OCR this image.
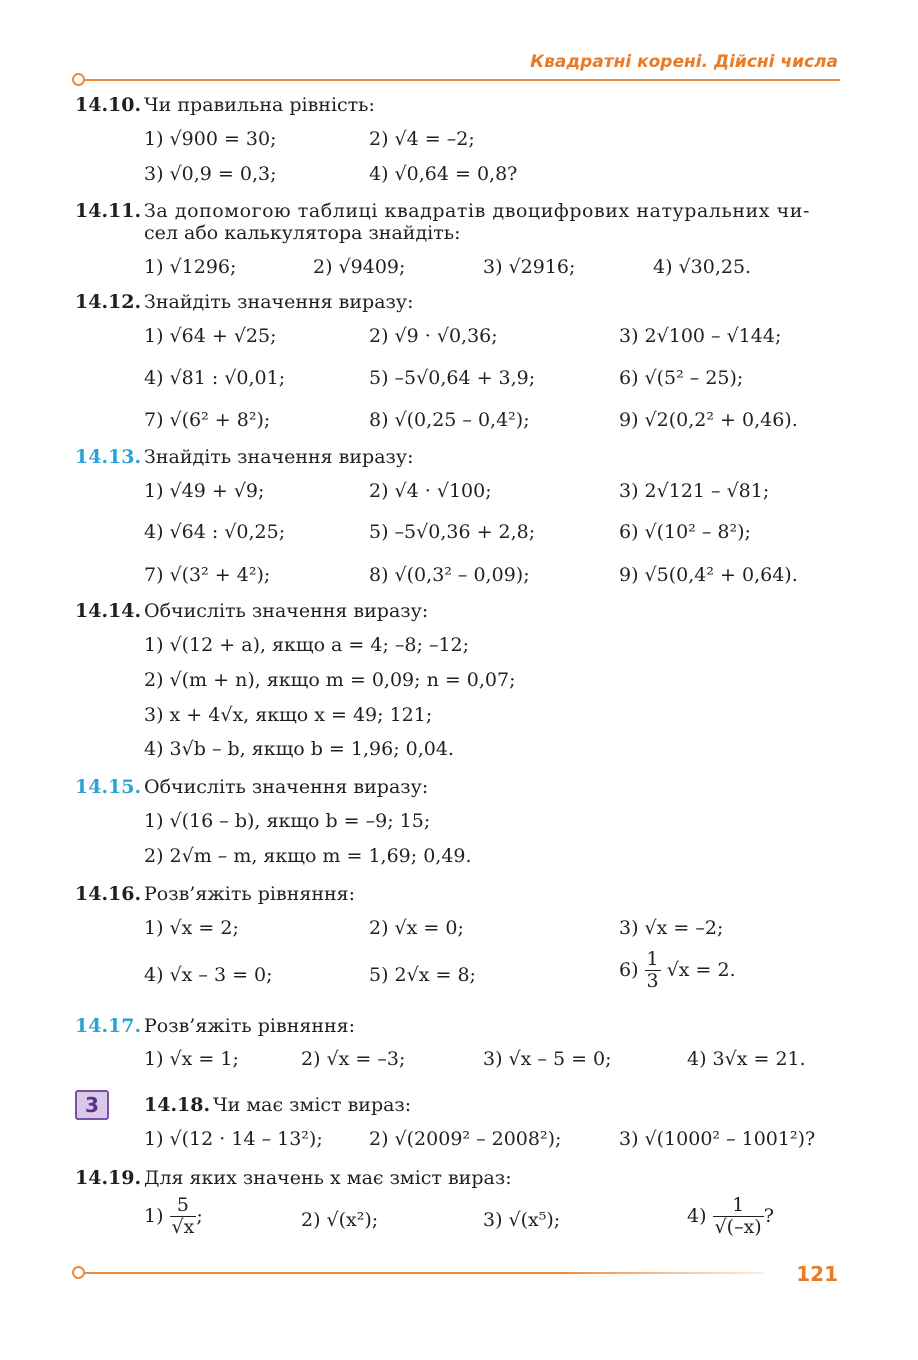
Квадратні корені. Дійсні числа
14.10. Чи правильна рівність:
1) √900 = 30;	2) √4 = –2;
3) √0,9 = 0,3;	4) √0,64 = 0,8?
14.11. За допомогою таблиці квадратів двоцифрових натуральних чи-
сел або калькулятора знайдіть:
1) √1296;	2) √9409;	3) √2916;	4) √30,25.
14.12. Знайдіть значення виразу:
1) √64 + √25;	2) √9 · √0,36;	3) 2√100 – √144;
4) √81 : √0,01;	5) –5√0,64 + 3,9;	6) √(5² – 25);
7) √(6² + 8²);	8) √(0,25 – 0,4²);	9) √2(0,2² + 0,46).
14.13. Знайдіть значення виразу:
1) √49 + √9;	2) √4 · √100;	3) 2√121 – √81;
4) √64 : √0,25;	5) –5√0,36 + 2,8;	6) √(10² – 8²);
7) √(3² + 4²);	8) √(0,3² – 0,09);	9) √5(0,4² + 0,64).
14.14. Обчисліть значення виразу:
1) √(12 + a), якщо a = 4; –8; –12;
2) √(m + n), якщо m = 0,09; n = 0,07;
3) x + 4√x, якщо x = 49; 121;
4) 3√b – b, якщо b = 1,96; 0,04.
14.15. Обчисліть значення виразу:
1) √(16 – b), якщо b = –9; 15;
2) 2√m – m, якщо m = 1,69; 0,49.
14.16. Розв’яжіть рівняння:
1) √x = 2;	2) √x = 0;	3) √x = –2;
4) √x – 3 = 0;	5) 2√x = 8;	$6) \frac{1}{3} √x = 2$.
14.17. Розв’яжіть рівняння:
1) √x = 1;	2) √x = –3;	3) √x – 5 = 0;	4) 3√x = 21.
3	14.18. Чи має зміст вираз:
1) √(12 · 14 – 13²); 2) √(2009² – 2008²);	3) √(1000² – 1001²)?
14.19. Для яких значень x має зміст вираз:
$1) \frac{5}{√x}$ ;	2) √(x²);	3) √(x⁵);	$4) \frac{1}{√(-x)}$ ?
121
